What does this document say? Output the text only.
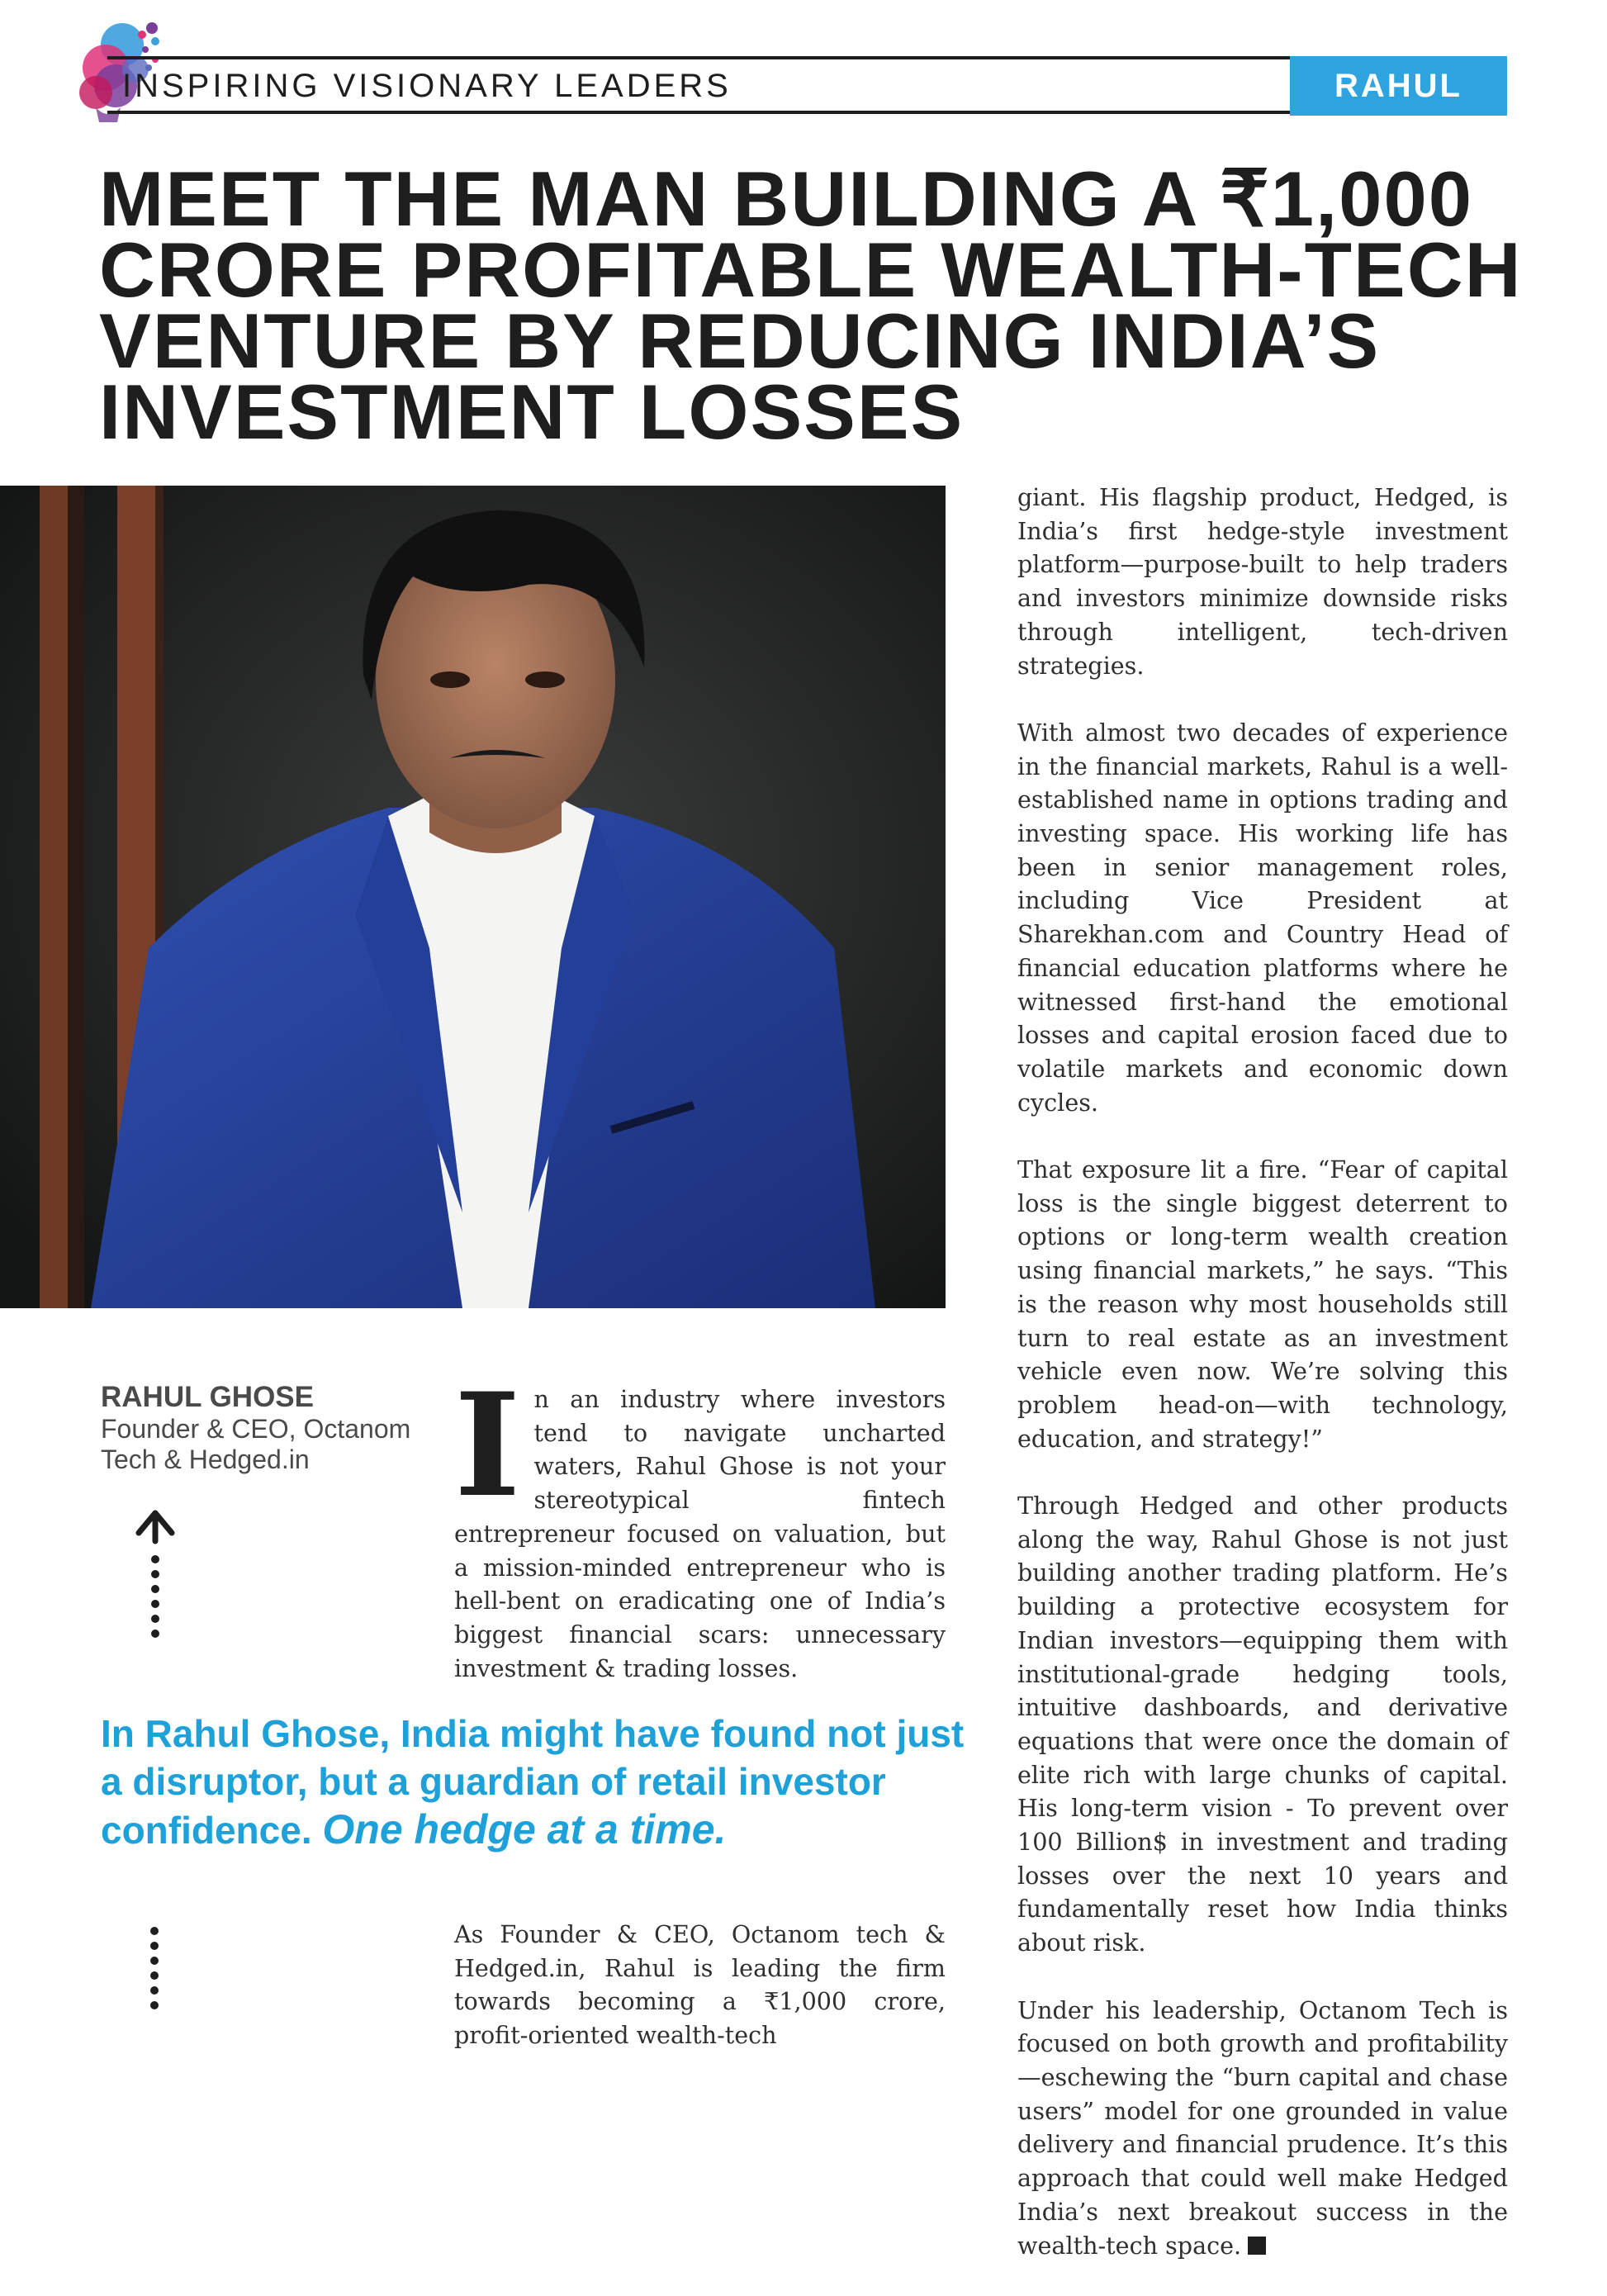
INSPIRING VISIONARY LEADERS	RAHUL GHOSE
MEET THE MAN BUILDING A ₹1,000
CRORE PROFITABLE WEALTH-TECH
VENTURE BY REDUCING INDIA’S
INVESTMENT LOSSES
RAHUL GHOSE
Founder & CEO, Octanom Tech & Hedged.in	I n an industry where investors tend to navigate uncharted waters, Rahul Ghose is not your stereotypical fintech entrepreneur focused on valuation, but a mission-minded entrepreneur who is hell-bent on eradicating one of India’s biggest financial scars: unnecessary investment & trading losses.
In Rahul Ghose, India might have found not just a disruptor, but a guardian of retail investor confidence. One hedge at a time.
As Founder & CEO, Octanom tech & Hedged.in, Rahul is leading the firm towards becoming a ₹1,000 crore, profit-oriented wealth-tech
giant. His flagship product, Hedged, is India’s first hedge-style investment platform—purpose-built to help traders and investors minimize downside risks through intelligent, tech-driven strategies.
With almost two decades of experience in the financial markets, Rahul is a well-established name in options trading and investing space. His working life has been in senior management roles, including Vice President at Sharekhan.com and Country Head of financial education platforms where he witnessed first-hand the emotional losses and capital erosion faced due to volatile markets and economic down cycles.
That exposure lit a fire. “Fear of capital loss is the single biggest deterrent to options or long-term wealth creation using financial markets,” he says. “This is the reason why most households still turn to real estate as an investment vehicle even now. We’re solving this problem head-on—with technology, education, and strategy!”
Through Hedged and other products along the way, Rahul Ghose is not just building another trading platform. He’s building a protective ecosystem for Indian investors—equipping them with institutional-grade hedging tools, intuitive dashboards, and derivative equations that were once the domain of elite rich with large chunks of capital. His long-term vision - To prevent over 100 Billion$ in investment and trading losses over the next 10 years and fundamentally reset how India thinks about risk.
Under his leadership, Octanom Tech is focused on both growth and profitability—eschewing the “burn capital and chase users” model for one grounded in value delivery and financial prudence. It’s this approach that could well make Hedged India’s next breakout success in the wealth-tech space.
